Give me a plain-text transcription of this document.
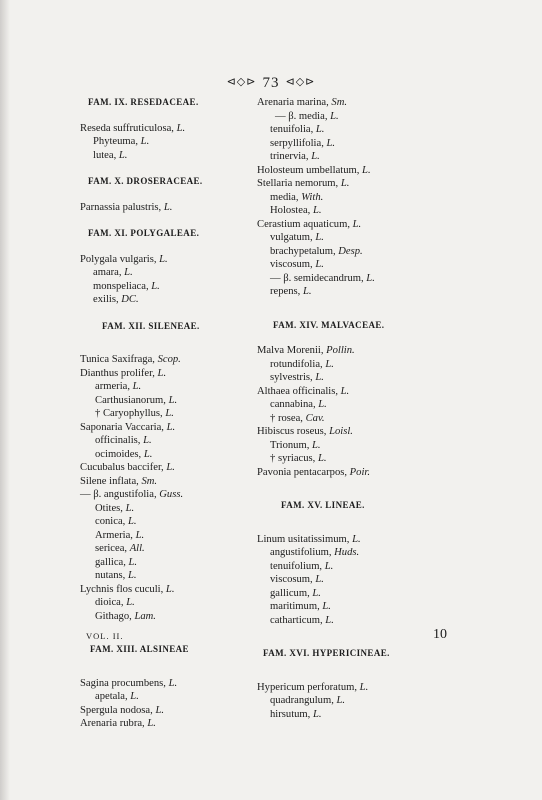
⊲◇⊳ 73 ⊲◇⊳
FAM. IX. RESEDACEAE.
Reseda suffruticulosa, L.
Phyteuma, L.
lutea, L.
FAM. X. DROSERACEAE.
Parnassia palustris, L.
FAM. XI. POLYGALEAE.
Polygala vulgaris, L.
amara, L.
monspeliaca, L.
exilis, DC.
FAM. XII. SILENEAE.
Tunica Saxifraga, Scop.
Dianthus prolifer, L.
armeria, L.
Carthusianorum, L.
† Caryophyllus, L.
Saponaria Vaccaria, L.
officinalis, L.
ocimoides, L.
Cucubalus baccifer, L.
Silene inflata, Sm.
— β. angustifolia, Guss.
Otites, L.
conica, L.
Armeria, L.
sericea, All.
gallica, L.
nutans, L.
Lychnis flos cuculi, L.
dioica, L.
Githago, Lam.
FAM. XIII. ALSINEAE
Sagina procumbens, L.
apetala, L.
Spergula nodosa, L.
Arenaria rubra, L.
Arenaria marina, Sm.
— β. media, L.
tenuifolia, L.
serpyllifolia, L.
trinervia, L.
Holosteum umbellatum, L.
Stellaria nemorum, L.
media, With.
Holostea, L.
Cerastium aquaticum, L.
vulgatum, L.
brachypetalum, Desp.
viscosum, L.
— β. semidecandrum, L.
repens, L.
FAM. XIV. MALVACEAE.
Malva Morenii, Pollin.
rotundifolia, L.
sylvestris, L.
Althaea officinalis, L.
cannabina, L.
† rosea, Cav.
Hibiscus roseus, Loisl.
Trionum, L.
† syriacus, L.
Pavonia pentacarpos, Poir.
FAM. XV. LINEAE.
Linum usitatissimum, L.
angustifolium, Huds.
tenuifolium, L.
viscosum, L.
gallicum, L.
maritimum, L.
catharticum, L.
FAM. XVI. HYPERICINEAE.
Hypericum perforatum, L.
quadrangulum, L.
hirsutum, L.
VOL. II.	10
